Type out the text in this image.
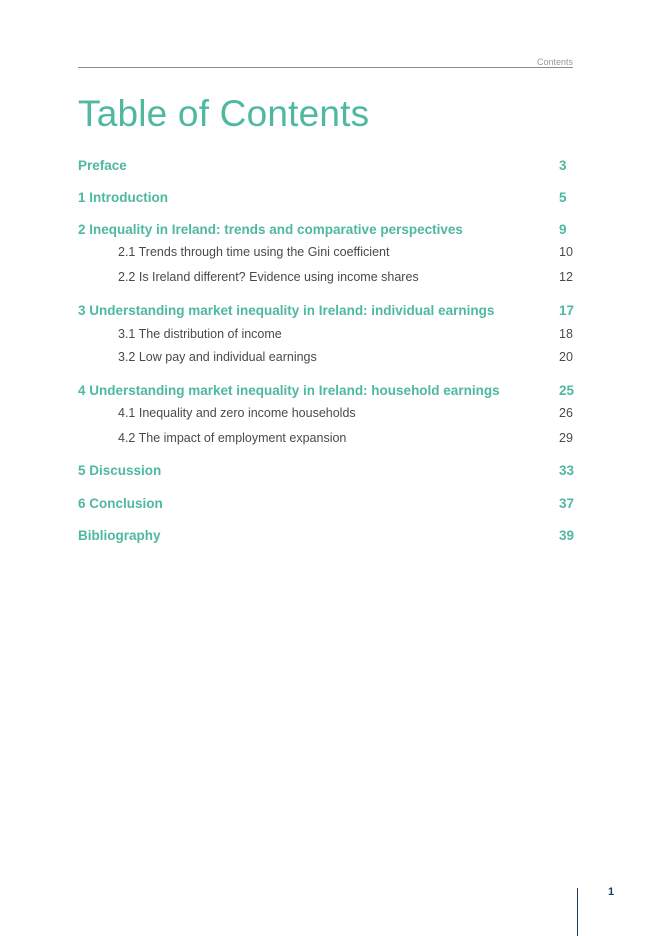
Contents
Table of Contents
Preface	3
1 Introduction	5
2 Inequality in Ireland: trends and comparative perspectives	9
2.1 Trends through time using the Gini coefficient	10
2.2 Is Ireland different? Evidence using income shares	12
3 Understanding market inequality in Ireland: individual earnings	17
3.1 The distribution of income	18
3.2 Low pay and individual earnings	20
4 Understanding market inequality in Ireland: household earnings	25
4.1 Inequality and zero income households	26
4.2 The impact of employment expansion	29
5 Discussion	33
6 Conclusion	37
Bibliography	39
1
